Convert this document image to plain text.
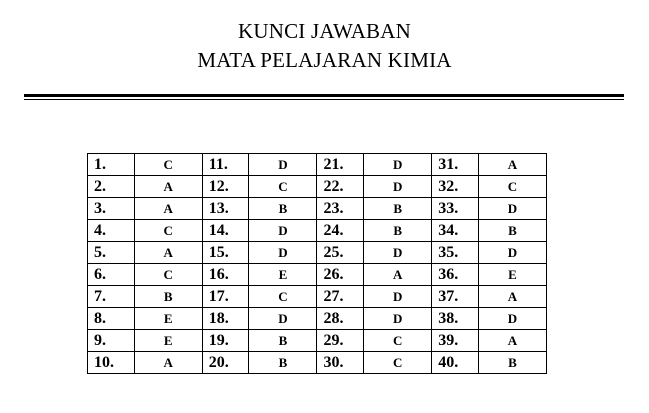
KUNCI JAWABAN
MATA PELAJARAN KIMIA
1.	C	11.	D	21.	D	31.	A
2.	A	12.	C	22.	D	32.	C
3.	A	13.	B	23.	B	33.	D
4.	C	14.	D	24.	B	34.	B
5.	A	15.	D	25.	D	35.	D
6.	C	16.	E	26.	A	36.	E
7.	B	17.	C	27.	D	37.	A
8.	E	18.	D	28.	D	38.	D
9.	E	19.	B	29.	C	39.	A
10.	A	20.	B	30.	C	40.	B
